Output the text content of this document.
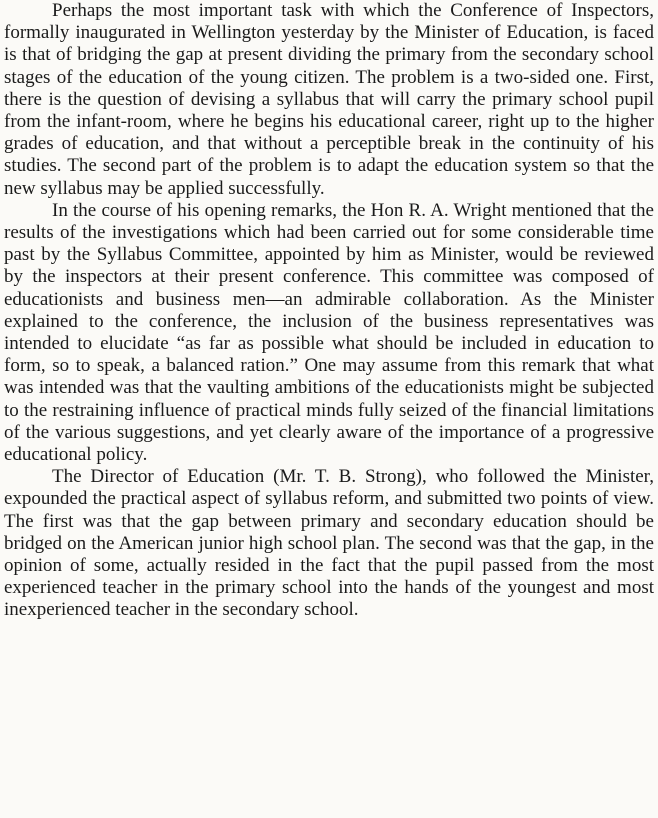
Perhaps the most important task with which the Conference of Inspectors, formally inaugurated in Wellington yesterday by the Minister of Education, is faced is that of bridging the gap at present dividing the primary from the secondary school stages of the education of the young citizen. The problem is a two-sided one. First, there is the question of devising a syllabus that will carry the primary school pupil from the infant-room, where he begins his educational career, right up to the higher grades of education, and that without a perceptible break in the continuity of his studies. The second part of the problem is to adapt the education system so that the new syllabus may be applied successfully.

In the course of his opening remarks, the Hon R. A. Wright mentioned that the results of the investigations which had been carried out for some considerable time past by the Syllabus Committee, appointed by him as Minister, would be reviewed by the inspectors at their present conference. This committee was composed of educationists and business men—an admirable collaboration. As the Minister explained to the conference, the inclusion of the business representatives was intended to elucidate “as far as possible what should be included in education to form, so to speak, a balanced ration.” One may assume from this remark that what was intended was that the vaulting ambitions of the educationists might be subjected to the restraining influence of practical minds fully seized of the financial limitations of the various suggestions, and yet clearly aware of the importance of a progressive educational policy.

The Director of Education (Mr. T. B. Strong), who followed the Minister, expounded the practical aspect of syllabus reform, and submitted two points of view. The first was that the gap between primary and secondary education should be bridged on the American junior high school plan. The second was that the gap, in the opinion of some, actually resided in the fact that the pupil passed from the most experienced teacher in the primary school into the hands of the youngest and most inexperienced teacher in the secondary school.
